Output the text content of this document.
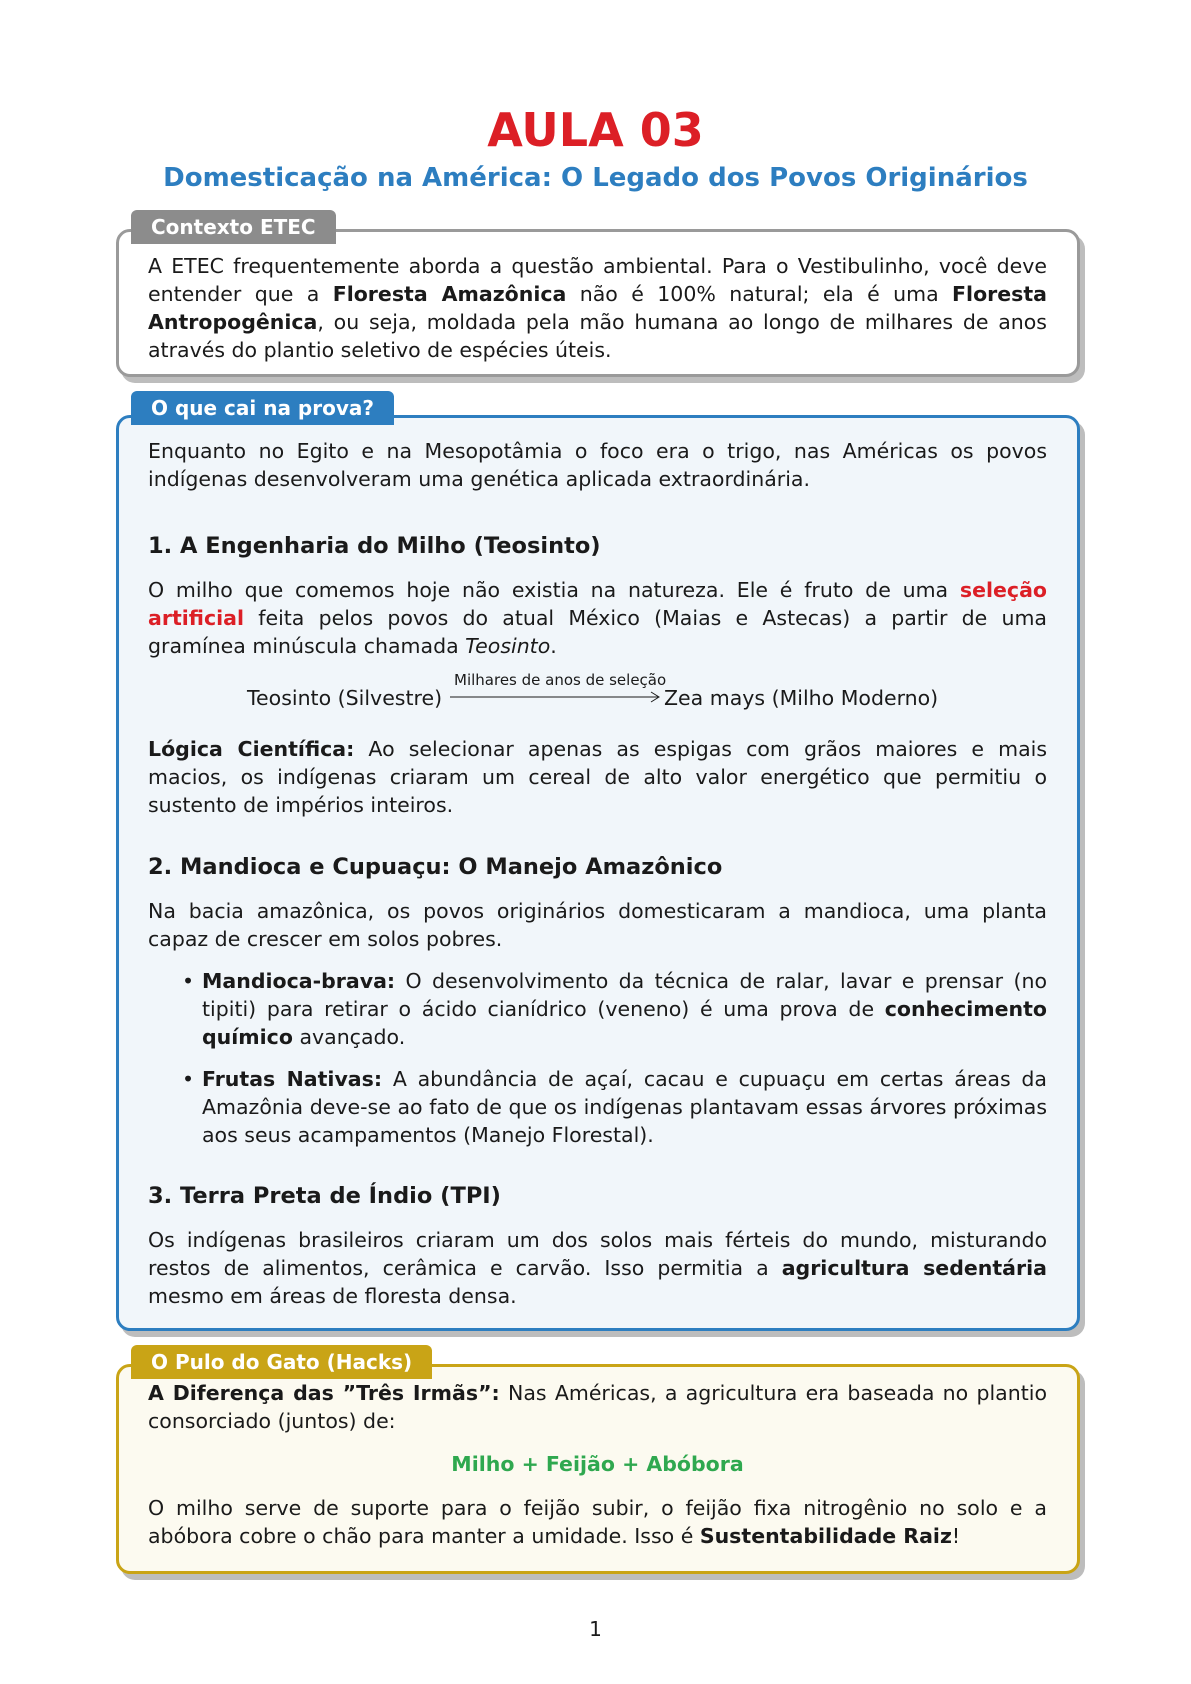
AULA 03
Domesticação na América: O Legado dos Povos Originários

A ETEC frequentemente aborda a questão ambiental. Para o Vestibulinho, você deve entender que a Floresta Amazônica não é 100% natural; ela é uma Floresta Antropogênica, ou seja, moldada pela mão humana ao longo de milhares de anos através do plantio seletivo de espécies úteis.

Contexto ETEC

Enquanto no Egito e na Mesopotâmia o foco era o trigo, nas Américas os povos indígenas desenvolveram uma genética aplicada extraordinária.

1. A Engenharia do Milho (Teosinto)

O milho que comemos hoje não existia na natureza. Ele é fruto de uma seleção artificial feita pelos povos do atual México (Maias e Astecas) a partir de uma gramínea minúscula chamada Teosinto.

Teosinto (Silvestre)
Milhares de anos de seleção
Zea mays (Milho Moderno)

Lógica Científica: Ao selecionar apenas as espigas com grãos maiores e mais macios, os indígenas criaram um cereal de alto valor energético que permitiu o sustento de impérios inteiros.

2. Mandioca e Cupuaçu: O Manejo Amazônico

Na bacia amazônica, os povos originários domesticaram a mandioca, uma planta capaz de crescer em solos pobres.

• Mandioca-brava: O desenvolvimento da técnica de ralar, lavar e prensar (no tipiti) para retirar o ácido cianídrico (veneno) é uma prova de conhecimento químico avançado.
• Frutas Nativas: A abundância de açaí, cacau e cupuaçu em certas áreas da Amazônia deve-se ao fato de que os indígenas plantavam essas árvores próximas aos seus acampamentos (Manejo Florestal).
3. Terra Preta de Índio (TPI)

Os indígenas brasileiros criaram um dos solos mais férteis do mundo, misturando restos de alimentos, cerâmica e carvão. Isso permitia a agricultura sedentária mesmo em áreas de floresta densa.

O que cai na prova?

A Diferença das ”Três Irmãs”: Nas Américas, a agricultura era baseada no plantio consorciado (juntos) de:

Milho + Feijão + Abóbora

O milho serve de suporte para o feijão subir, o feijão fixa nitrogênio no solo e a abóbora cobre o chão para manter a umidade. Isso é Sustentabilidade Raiz!

O Pulo do Gato (Hacks)
1
